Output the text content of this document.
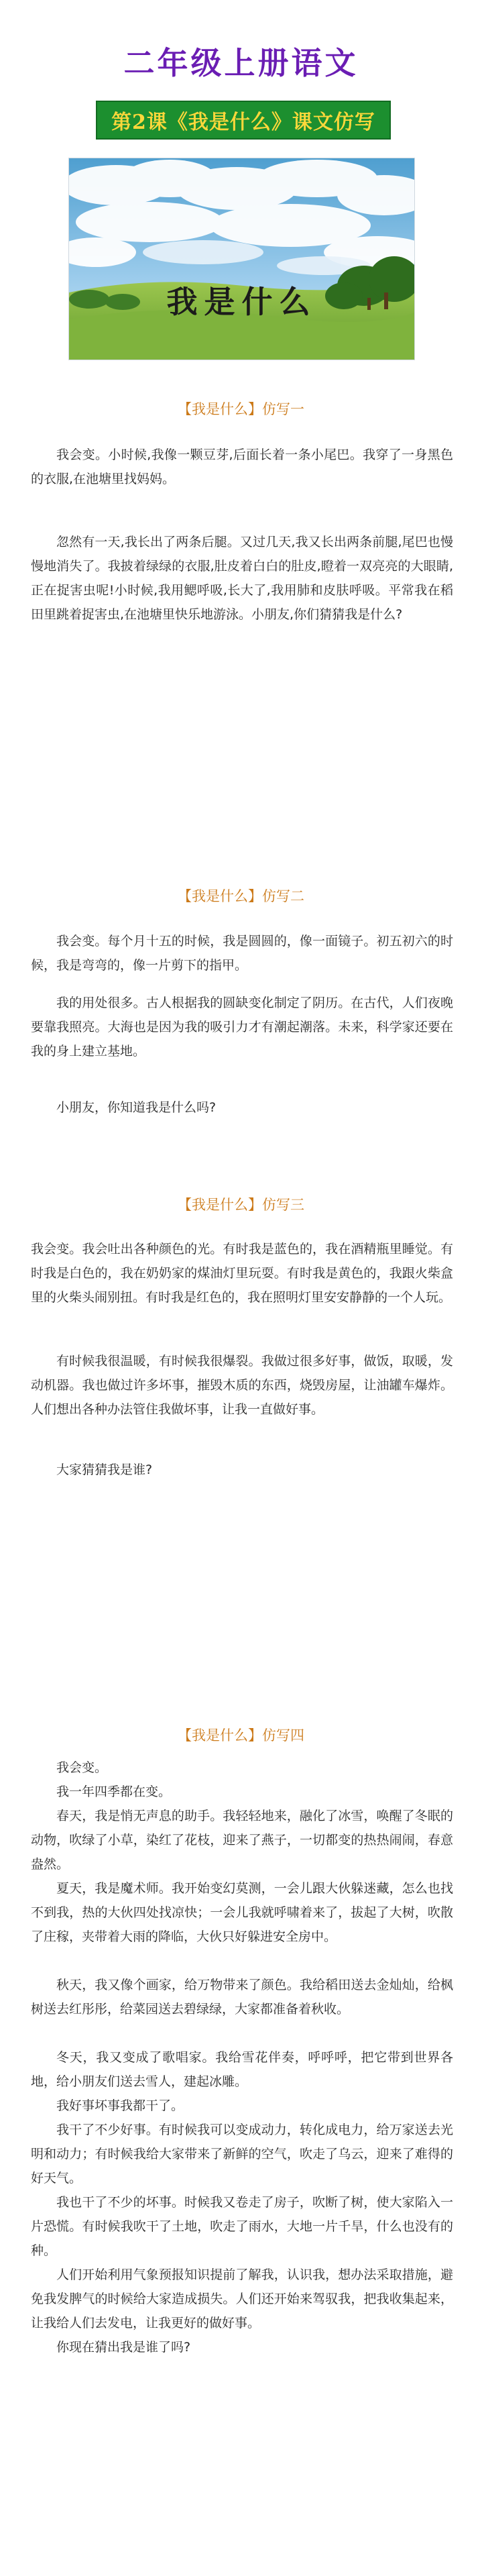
二年级上册语文
第2课《我是什么》课文仿写
我是什么
【我是什么】仿写一

我会变。小时候,我像一颗豆芽,后面长着一条小尾巴。我穿了一身黑色的衣服,在池塘里找妈妈。

忽然有一天,我长出了两条后腿。又过几天,我又长出两条前腿,尾巴也慢慢地消失了。我披着绿绿的衣服,肚皮着白白的肚皮,瞪着一双亮亮的大眼睛,正在捉害虫呢!小时候,我用鳃呼吸,长大了,我用肺和皮肤呼吸。平常我在稻田里跳着捉害虫,在池塘里快乐地游泳。小朋友,你们猜猜我是什么?

【我是什么】仿写二

我会变。每个月十五的时候，我是圆圆的，像一面镜子。初五初六的时候，我是弯弯的，像一片剪下的指甲。

我的用处很多。古人根据我的圆缺变化制定了阴历。在古代，人们夜晚要靠我照亮。大海也是因为我的吸引力才有潮起潮落。未来，科学家还要在我的身上建立基地。

小朋友，你知道我是什么吗?

【我是什么】仿写三

我会变。我会吐出各种颜色的光。有时我是蓝色的，我在酒精瓶里睡觉。有时我是白色的，我在奶奶家的煤油灯里玩耍。有时我是黄色的，我跟火柴盒里的火柴头闹别扭。有时我是红色的，我在照明灯里安安静静的一个人玩。

有时候我很温暖，有时候我很爆裂。我做过很多好事，做饭，取暖，发动机器。我也做过许多坏事，摧毁木质的东西，烧毁房屋，让油罐车爆炸。人们想出各种办法管住我做坏事，让我一直做好事。

大家猜猜我是谁?

【我是什么】仿写四

我会变。

我一年四季都在变。

春天，我是悄无声息的助手。我轻轻地来，融化了冰雪，唤醒了冬眠的动物，吹绿了小草，染红了花枝，迎来了燕子，一切都变的热热闹闹，春意盎然。

夏天，我是魔术师。我开始变幻莫测，一会儿跟大伙躲迷藏，怎么也找不到我，热的大伙四处找凉快；一会儿我就呼啸着来了，拔起了大树，吹散了庄稼，夹带着大雨的降临，大伙只好躲进安全房中。

秋天，我又像个画家，给万物带来了颜色。我给稻田送去金灿灿，给枫树送去红彤彤，给菜园送去碧绿绿，大家都准备着秋收。

冬天，我又变成了歌唱家。我给雪花伴奏，呼呼呼，把它带到世界各地，给小朋友们送去雪人，建起冰雕。

我好事坏事我都干了。

我干了不少好事。有时候我可以变成动力，转化成电力，给万家送去光明和动力；有时候我给大家带来了新鲜的空气，吹走了乌云，迎来了难得的好天气。

我也干了不少的坏事。时候我又卷走了房子，吹断了树，使大家陷入一片恐慌。有时候我吹干了土地，吹走了雨水，大地一片千旱，什么也没有的种。

人们开始利用气象预报知识提前了解我，认识我，想办法采取措施，避免我发脾气的时候给大家造成损失。人们还开始来驾驭我，把我收集起来，让我给人们去发电，让我更好的做好事。

你现在猜出我是谁了吗?
